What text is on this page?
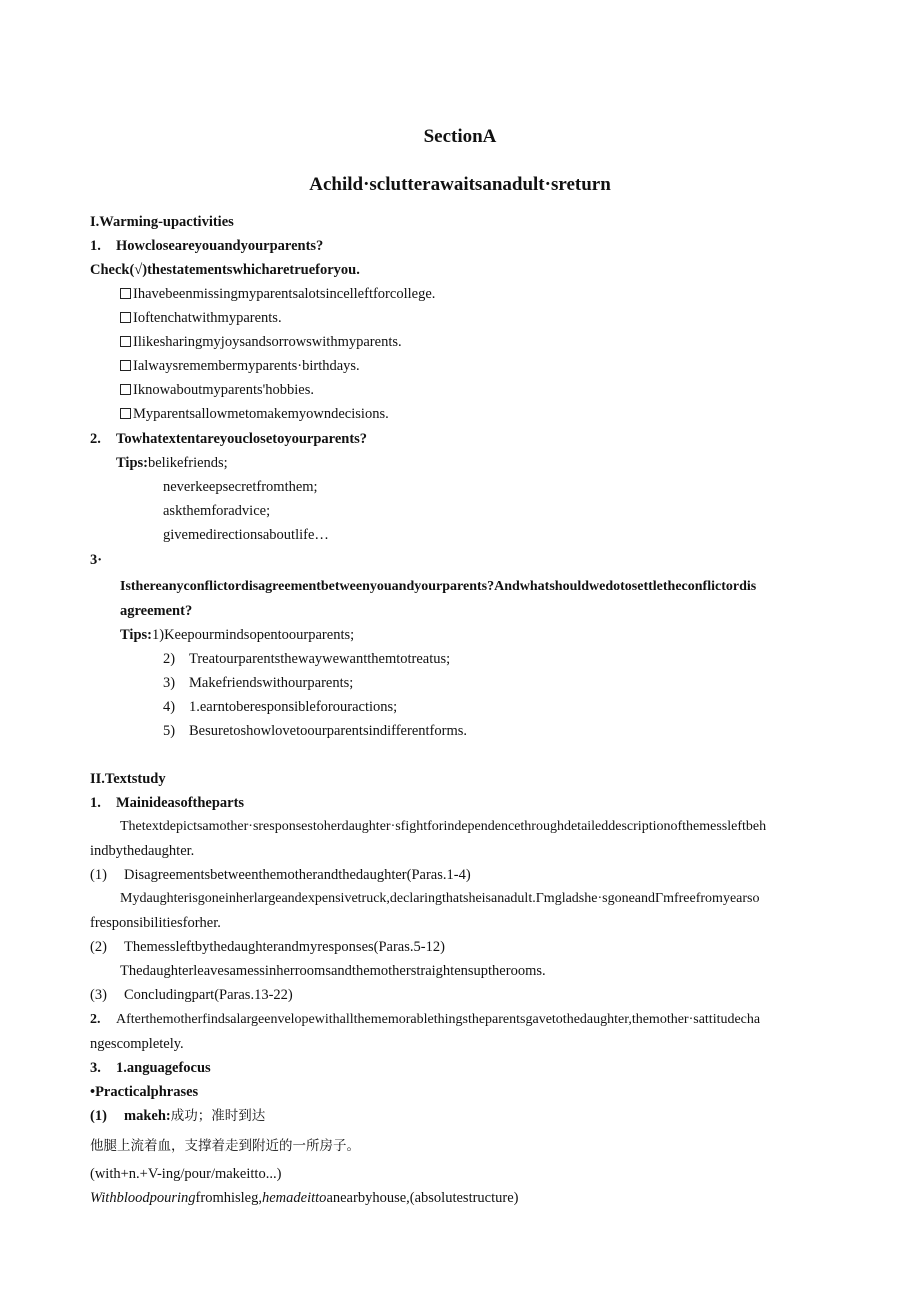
SectionA
Achild·sclutterawaitsanadult·sreturn
I.Warming-upactivities
1. Howcloseareyouandyourparents?
Check(√)thestatementswhicharetrueforyou.
Ihavebeenmissingmyparentsalotsincelleftforcollege.
Ioftenchatwithmyparents.
Ilikesharingmyjoysandsorrowswithmyparents.
Ialwaysremembermyparents·birthdays.
Iknowaboutmyparents'hobbies.
Myparentsallowmetomakemyowndecisions.
2. Towhatextentareyouclosetoyourparents?
Tips:belikefriends;
neverkeepsecretfromthem;
askthemforadvice;
givemedirectionsaboutlife…
3·
Isthereanyconflictordisagreementbetweenyouandyourparents?Andwhatshouldwedotosettletheconflictordis
agreement?
Tips:1)Keepourmindsopentoourparents;
2) Treatourparentsthewaywewantthemtotreatus;
3) Makefriendswithourparents;
4) 1.earntoberesponsibleforouractions;
5) Besuretoshowlovetoourparentsindifferentforms.
II.Textstudy
1. Mainideasoftheparts
Thetextdepictsamother·sresponsestoherdaughter·sfightforindependencethroughdetaileddescriptionofthemessleftbeh
indbythedaughter.
(1) Disagreementsbetweenthemotherandthedaughter(Paras.1-4)
Mydaughterisgoneinherlargeandexpensivetruck,declaringthatsheisanadult.Γmgladshe·sgoneandΓmfreefromyearso
fresponsibilitiesforher.
(2) Themessleftbythedaughterandmyresponses(Paras.5-12)
Thedaughterleavesamessinherroomsandthemotherstraightensuptherooms.
(3) Concludingpart(Paras.13-22)
2. Afterthemotherfindsalargeenvelopewithallthememorablethingstheparentsgavetothedaughter,themother·sattitudecha
ngescompletely.
3. 1.anguagefocus
•Practicalphrases
(1) makeh:成功；准时到达
他腿上流着血，支撑着走到附近的一所房子。
(with+n.+V-ing/pour/makeitto...)
Withbloodpouringfromhisleg,hemadeittoanearbyhouse,(absolutestructure)
